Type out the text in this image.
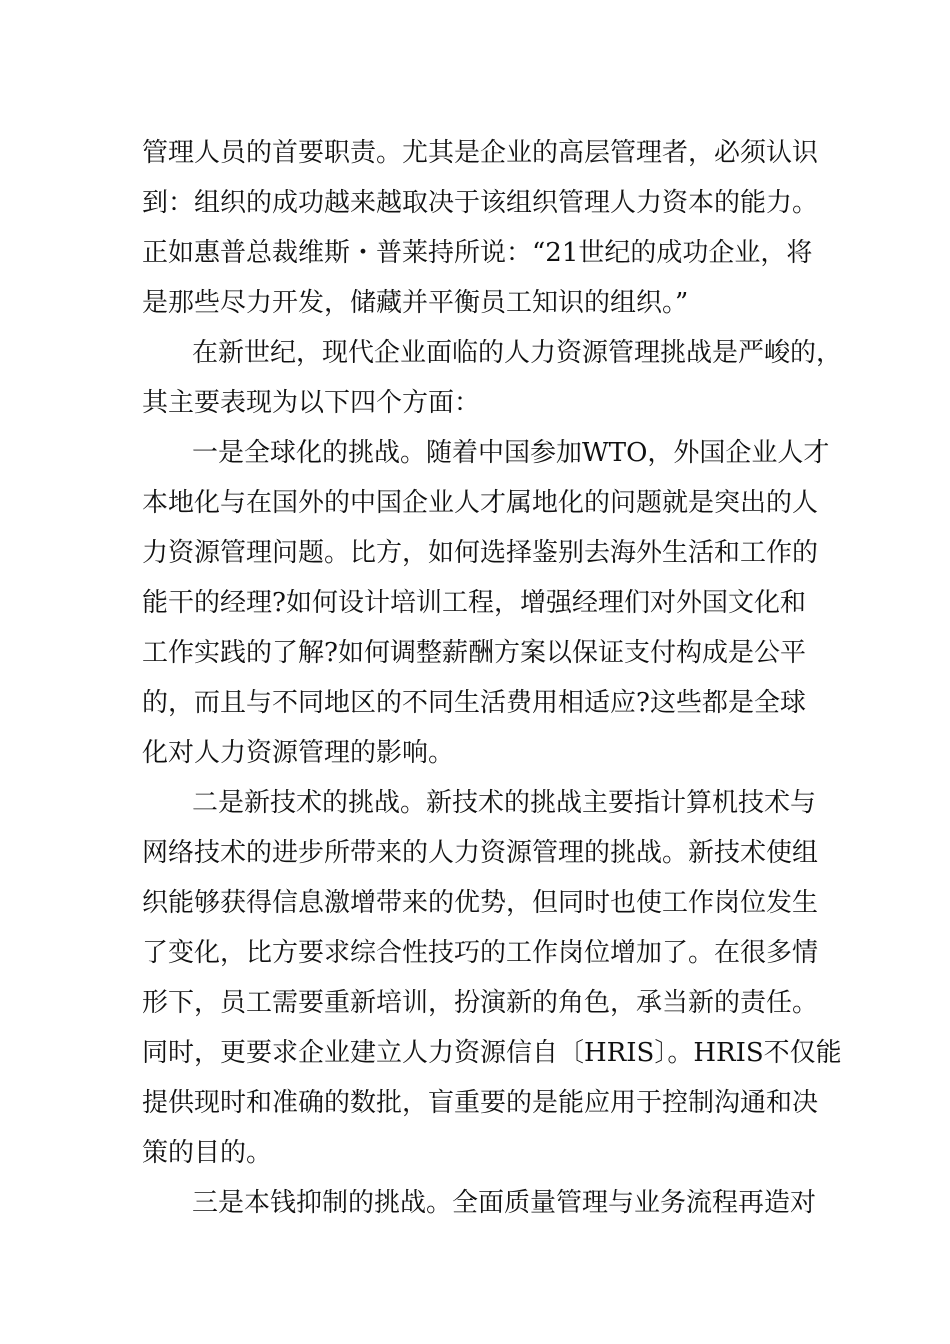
管理人员的首要职责。尤其是企业的高层管理者，必须认识
到：组织的成功越来越取决于该组织管理人力资本的能力。
正如惠普总裁维斯・普莱持所说：“21世纪的成功企业，将
是那些尽力开发，储藏并平衡员工知识的组织。”
在新世纪，现代企业面临的人力资源管理挑战是严峻的，
其主要表现为以下四个方面：
一是全球化的挑战。随着中国参加WTO，外国企业人才
本地化与在国外的中国企业人才属地化的问题就是突出的人
力资源管理问题。比方，如何选择鉴别去海外生活和工作的
能干的经理?如何设计培训工程，增强经理们对外国文化和
工作实践的了解?如何调整薪酬方案以保证支付构成是公平
的，而且与不同地区的不同生活费用相适应?这些都是全球
化对人力资源管理的影响。
二是新技术的挑战。新技术的挑战主要指计算机技术与
网络技术的进步所带来的人力资源管理的挑战。新技术使组
织能够获得信息激增带来的优势，但同时也使工作岗位发生
了变化，比方要求综合性技巧的工作岗位增加了。在很多情
形下，员工需要重新培训，扮演新的角色，承当新的责任。
同时，更要求企业建立人力资源信自〔HRIS〕。HRIS不仅能
提供现时和准确的数批，盲重要的是能应用于控制沟通和决
策的目的。
三是本钱抑制的挑战。全面质量管理与业务流程再造对
